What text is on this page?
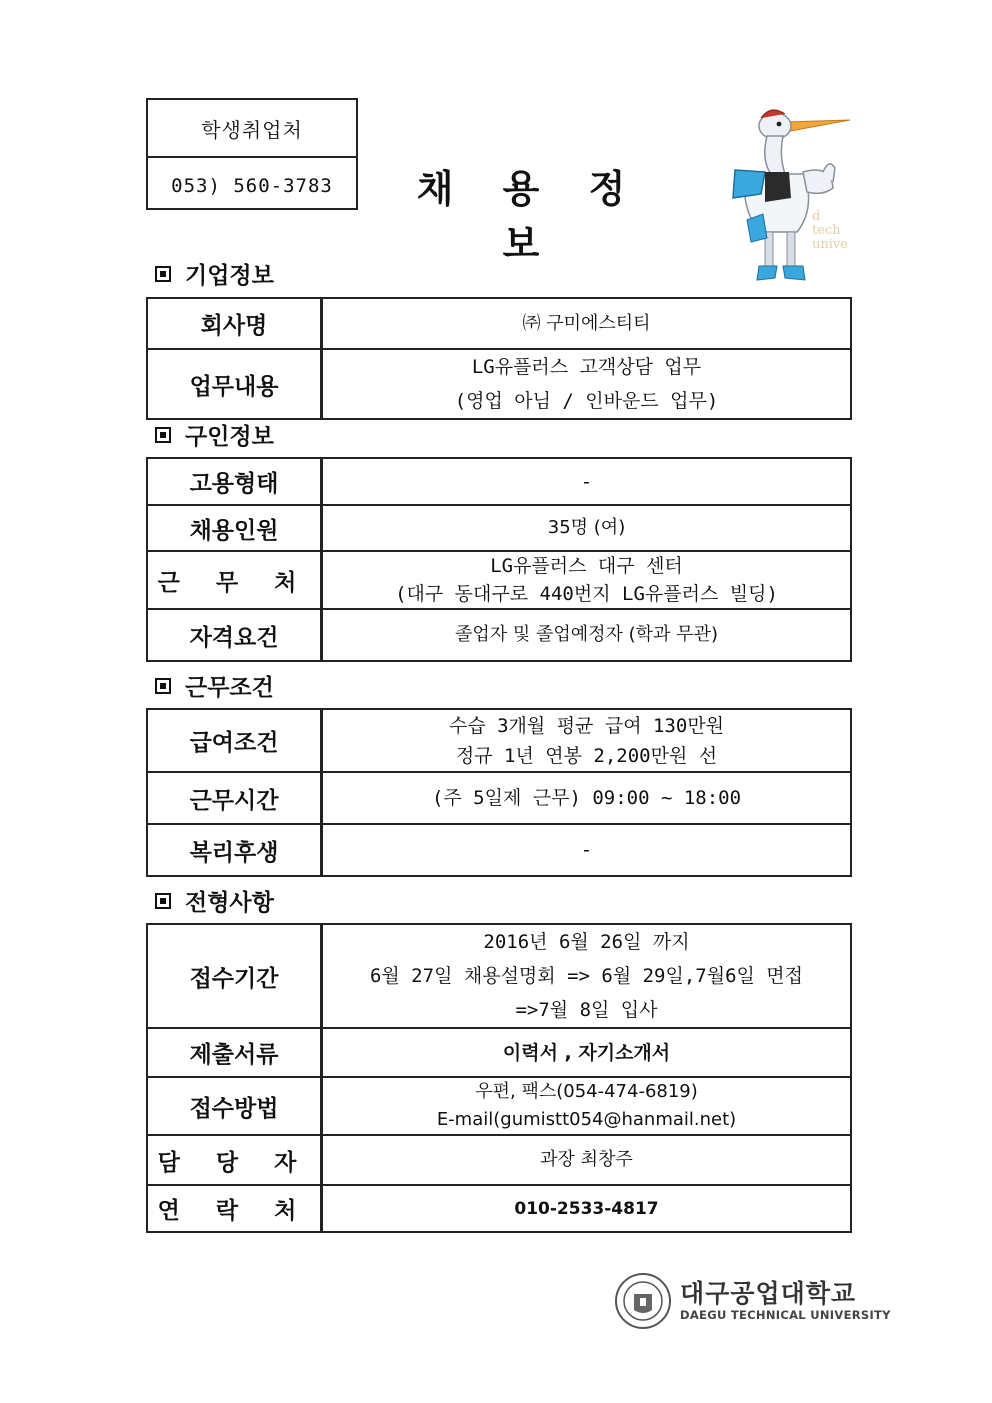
학생취업처
053) 560-3783	채 용 정 보
d
tech
unive
기업정보
회사명	㈜ 구미에스티티
업무내용	LG유플러스 고객상담 업무
(영업 아님 / 인바운드 업무)
구인정보
고용형태	-
채용인원	35명 (여)
근 무 처	LG유플러스 대구 센터
(대구 동대구로 440번지 LG유플러스 빌딩)

자격요건	졸업자 및 졸업예정자 (학과 무관)
근무조건
급여조건	수습 3개월 평균 급여 130만원
정규 1년 연봉 2,200만원 선

근무시간	(주 5일제 근무) 09:00 ~ 18:00
복리후생	-
전형사항
접수기간	2016년 6월 26일 까지
6월 27일 채용설명회 => 6월 29일,7월6일 면접
=>7월 8일 입사

제출서류	이력서 , 자기소개서
접수방법	우편, 팩스(054-474-6819)
E-mail(gumistt054@hanmail.net)

담 당 자	과장 최창주
연 락 처	010-2533-4817
대구공업대학교
DAEGU TECHNICAL UNIVERSITY
